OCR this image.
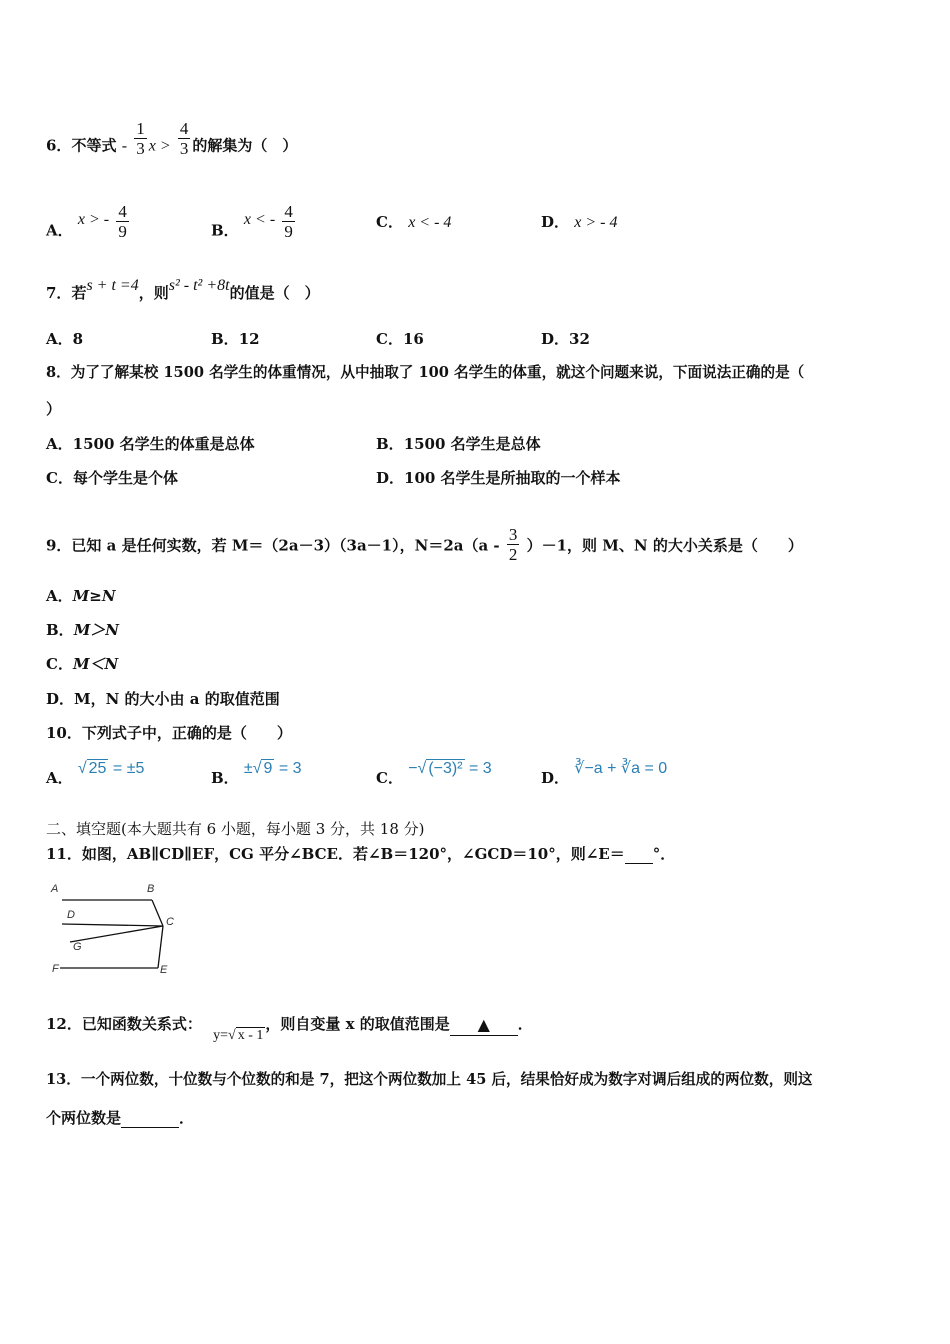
6．不等式 - $\frac{1}{3}$ $x > \frac{4}{3}$ 的解集为（　）
A． x > - $\frac{4}{9}$	B． x < - $\frac{4}{9}$	C． x < - 4	D． x > - 4
7．若s + t =4，则s² - t² +8t的值是（　）
A．8	B．12	C．16	D．32
8．为了了解某校 1500 名学生的体重情况，从中抽取了 100 名学生的体重，就这个问题来说，下面说法正确的是（
）
A．1500 名学生的体重是总体	B．1500 名学生是总体
C．每个学生是个体	D．100 名学生是所抽取的一个样本
9．已知 a 是任何实数，若 M＝（2a－3）（3a－1），$N=2a(a - \frac{3}{2} )-1$，则 M、N 的大小关系是（　　）
A．M≥N
B．M＞N
C．M＜N
D．M，N 的大小由 a 的取值范围
10．下列式子中，正确的是（　　）
A． √ 25 = ±5
B． ±√ 9 = 3
C． −√ (−3)² = 3
D． ∛−a + ∛a = 0
二、填空题(本大题共有 6 小题，每小题 3 分，共 18 分)
11．如图，AB∥CD∥EF，CG 平分∠BCE．若∠B＝120°，∠GCD＝10°，则∠E＝ °．
A	B
D
C
G
F	E
12．已知函数关系式： y=√ x - 1，则自变量 x 的取值范围是 ▲ ．
13．一个两位数，十位数与个位数的和是 7，把这个两位数加上 45 后，结果恰好成为数字对调后组成的两位数，则这
个两位数是	．
